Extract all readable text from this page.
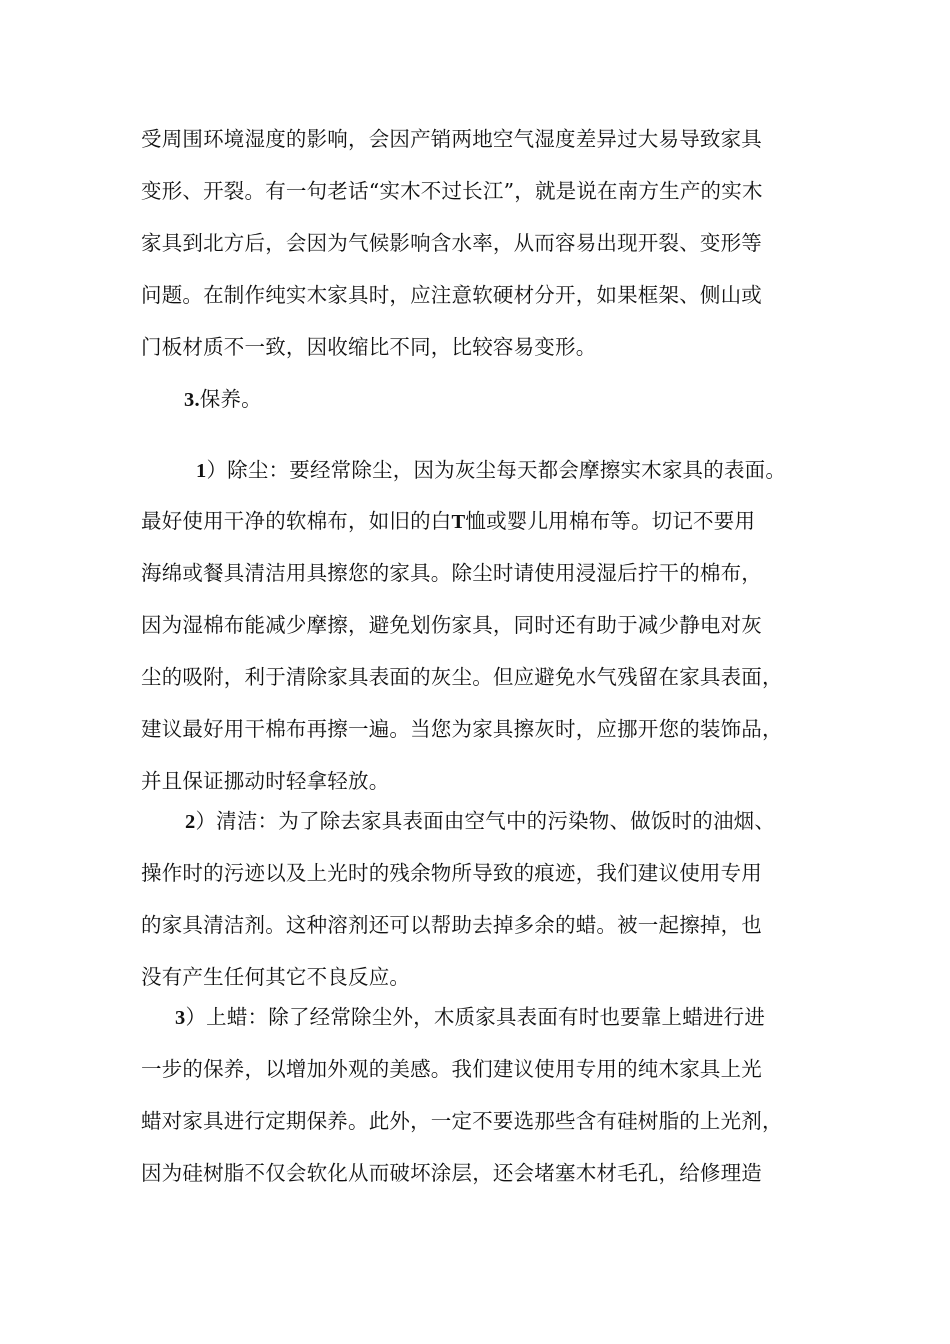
受周围环境湿度的影响，会因产销两地空气湿度差异过大易导致家具
变形、开裂。有一句老话“实木不过长江”，就是说在南方生产的实木
家具到北方后，会因为气候影响含水率，从而容易出现开裂、变形等
问题。在制作纯实木家具时，应注意软硬材分开，如果框架、侧山或
门板材质不一致，因收缩比不同，比较容易变形。
3.保养。
1）除尘：要经常除尘，因为灰尘每天都会摩擦实木家具的表面。
最好使用干净的软棉布，如旧的白T恤或婴儿用棉布等。切记不要用
海绵或餐具清洁用具擦您的家具。除尘时请使用浸湿后拧干的棉布，
因为湿棉布能减少摩擦，避免划伤家具，同时还有助于减少静电对灰
尘的吸附，利于清除家具表面的灰尘。但应避免水气残留在家具表面，
建议最好用干棉布再擦一遍。当您为家具擦灰时，应挪开您的装饰品，
并且保证挪动时轻拿轻放。
2）清洁：为了除去家具表面由空气中的污染物、做饭时的油烟、
操作时的污迹以及上光时的残余物所导致的痕迹，我们建议使用专用
的家具清洁剂。这种溶剂还可以帮助去掉多余的蜡。被一起擦掉，也
没有产生任何其它不良反应。
3）上蜡：除了经常除尘外，木质家具表面有时也要靠上蜡进行进
一步的保养，以增加外观的美感。我们建议使用专用的纯木家具上光
蜡对家具进行定期保养。此外，一定不要选那些含有硅树脂的上光剂，
因为硅树脂不仅会软化从而破坏涂层，还会堵塞木材毛孔，给修理造
